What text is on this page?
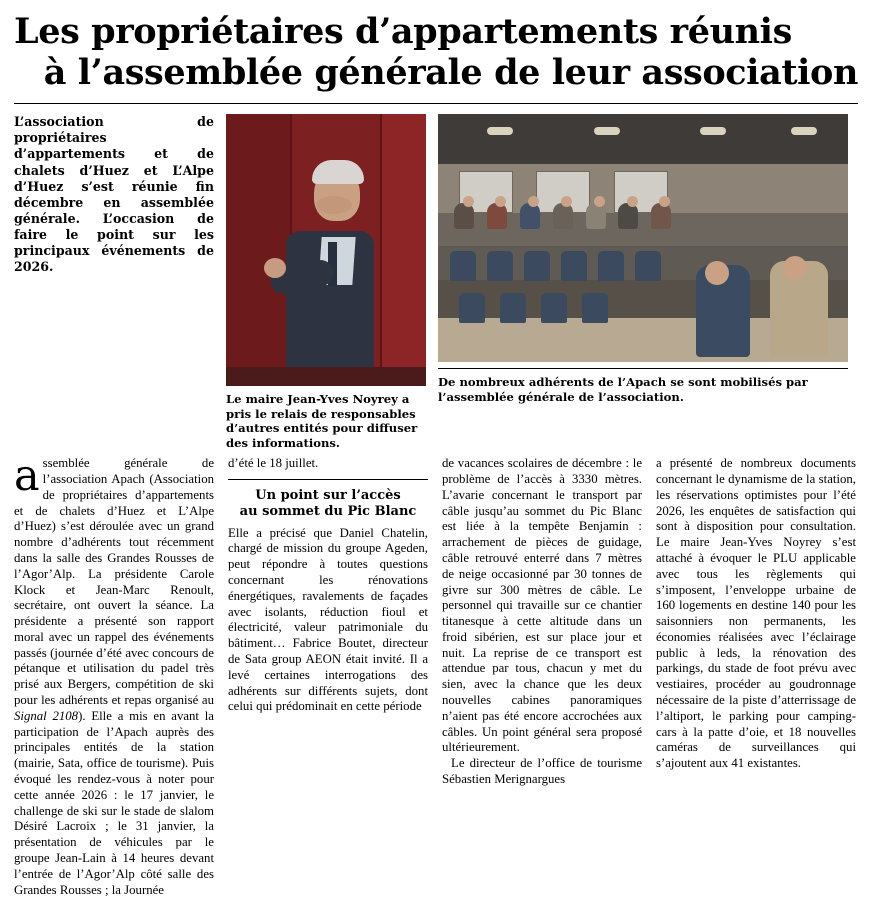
Les propriétaires d’appartements réunis
à l’assemblée générale de leur association
L’association de propriétaires d’appartements et de chalets d’Huez et L’Alpe d’Huez s’est réunie fin décembre en assemblée générale. L’occasion de faire le point sur les principaux événements de 2026.
Le maire Jean-Yves Noyrey a pris le relais de responsables d’autres entités pour diffuser des informations.
De nombreux adhérents de l’Apach se sont mobilisés par l’assemblée générale de l’association.

assemblée générale de l’association Apach (Association de propriétaires d’appartements et de chalets d’Huez et L’Alpe d’Huez) s’est déroulée avec un grand nombre d’adhérents tout récemment dans la salle des Grandes Rousses de l’Agor’Alp. La présidente Carole Klock et Jean-Marc Renoult, secrétaire, ont ouvert la séance. La présidente a présenté son rapport moral avec un rappel des événements passés (journée d’été avec concours de pétanque et utilisation du padel très prisé aux Bergers, compétition de ski pour les adhérents et repas organisé au Signal 2108). Elle a mis en avant la participation de l’Apach auprès des principales entités de la station (mairie, Sata, office de tourisme). Puis évoqué les rendez-vous à noter pour cette année 2026 : le 17 janvier, le challenge de ski sur le stade de slalom Désiré Lacroix ; le 31 janvier, la présentation de véhicules par le groupe Jean-Lain à 14 heures devant l’entrée de l’Agor’Alp côté salle des Grandes Rousses ; la Journée

d’été le 18 juillet.

Un point sur l’accès
au sommet du Pic Blanc

Elle a précisé que Daniel Chatelin, chargé de mission du groupe Ageden, peut répondre à toutes questions concernant les rénovations énergétiques, ravalements de façades avec isolants, réduction fioul et électricité, valeur patrimoniale du bâtiment… Fabrice Boutet, directeur de Sata group AEON était invité. Il a levé certaines interrogations des adhérents sur différents sujets, dont celui qui prédominait en cette période

de vacances scolaires de décembre : le problème de l’accès à 3330 mètres. L’avarie concernant le transport par câble jusqu’au sommet du Pic Blanc est liée à la tempête Benjamin : arrachement de pièces de guidage, câble retrouvé enterré dans 7 mètres de neige occasionné par 30 tonnes de givre sur 300 mètres de câble. Le personnel qui travaille sur ce chantier titanesque à cette altitude dans un froid sibérien, est sur place jour et nuit. La reprise de ce transport est attendue par tous, chacun y met du sien, avec la chance que les deux nouvelles cabines panoramiques n’aient pas été encore accrochées aux câbles. Un point général sera proposé ultérieurement.

Le directeur de l’office de tourisme Sébastien Merignargues

a présenté de nombreux documents concernant le dynamisme de la station, les réservations optimistes pour l’été 2026, les enquêtes de satisfaction qui sont à disposition pour consultation. Le maire Jean-Yves Noyrey s’est attaché à évoquer le PLU applicable avec tous les règlements qui s’imposent, l’enveloppe urbaine de 160 logements en destine 140 pour les saisonniers non permanents, les économies réalisées avec l’éclairage public à leds, la rénovation des parkings, du stade de foot prévu avec vestiaires, procéder au goudronnage nécessaire de la piste d’atterrissage de l’altiport, le parking pour camping-cars à la patte d’oie, et 18 nouvelles caméras de surveillances qui s’ajoutent aux 41 existantes.
